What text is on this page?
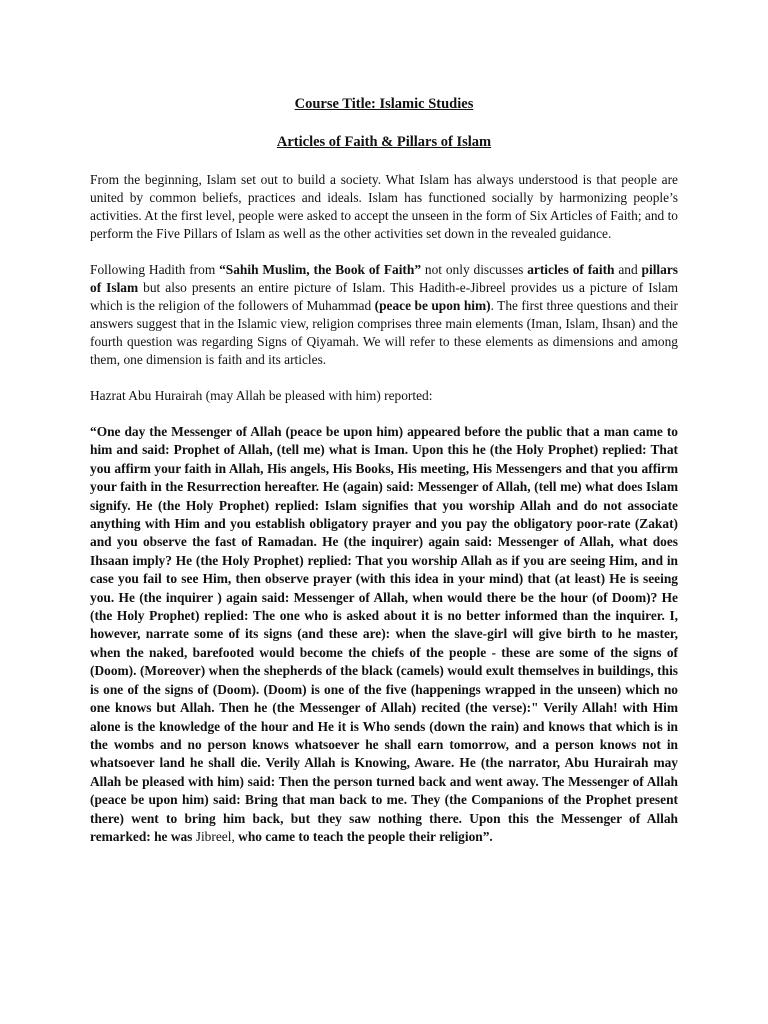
Course Title: Islamic Studies
Articles of Faith & Pillars of Islam

From the beginning, Islam set out to build a society. What Islam has always understood is that people are united by common beliefs, practices and ideals. Islam has functioned socially by harmonizing people’s activities. At the first level, people were asked to accept the unseen in the form of Six Articles of Faith; and to perform the Five Pillars of Islam as well as the other activities set down in the revealed guidance.

Following Hadith from “Sahih Muslim, the Book of Faith” not only discusses articles of faith and pillars of Islam but also presents an entire picture of Islam. This Hadith-e-Jibreel provides us a picture of Islam which is the religion of the followers of Muhammad (peace be upon him). The first three questions and their answers suggest that in the Islamic view, religion comprises three main elements (Iman, Islam, Ihsan) and the fourth question was regarding Signs of Qiyamah. We will refer to these elements as dimensions and among them, one dimension is faith and its articles.

Hazrat Abu Hurairah (may Allah be pleased with him) reported:

“One day the Messenger of Allah (peace be upon him) appeared before the public that a man came to him and said: Prophet of Allah, (tell me) what is Iman. Upon this he (the Holy Prophet) replied: That you affirm your faith in Allah, His angels, His Books, His meeting, His Messengers and that you affirm your faith in the Resurrection hereafter. He (again) said: Messenger of Allah, (tell me) what does Islam signify. He (the Holy Prophet) replied: Islam signifies that you worship Allah and do not associate anything with Him and you establish obligatory prayer and you pay the obligatory poor-rate (Zakat) and you observe the fast of Ramadan. He (the inquirer) again said: Messenger of Allah, what does Ihsaan imply? He (the Holy Prophet) replied: That you worship Allah as if you are seeing Him, and in case you fail to see Him, then observe prayer (with this idea in your mind) that (at least) He is seeing you. He (the inquirer ) again said: Messenger of Allah, when would there be the hour (of Doom)? He (the Holy Prophet) replied: The one who is asked about it is no better informed than the inquirer. I, however, narrate some of its signs (and these are): when the slave-girl will give birth to he master, when the naked, barefooted would become the chiefs of the people - these are some of the signs of (Doom). (Moreover) when the shepherds of the black (camels) would exult themselves in buildings, this is one of the signs of (Doom). (Doom) is one of the five (happenings wrapped in the unseen) which no one knows but Allah. Then he (the Messenger of Allah) recited (the verse):" Verily Allah! with Him alone is the knowledge of the hour and He it is Who sends (down the rain) and knows that which is in the wombs and no person knows whatsoever he shall earn tomorrow, and a person knows not in whatsoever land he shall die. Verily Allah is Knowing, Aware. He (the narrator, Abu Hurairah may Allah be pleased with him) said: Then the person turned back and went away. The Messenger of Allah (peace be upon him) said: Bring that man back to me. They (the Companions of the Prophet present there) went to bring him back, but they saw nothing there. Upon this the Messenger of Allah remarked: he was Jibreel, who came to teach the people their religion”.
